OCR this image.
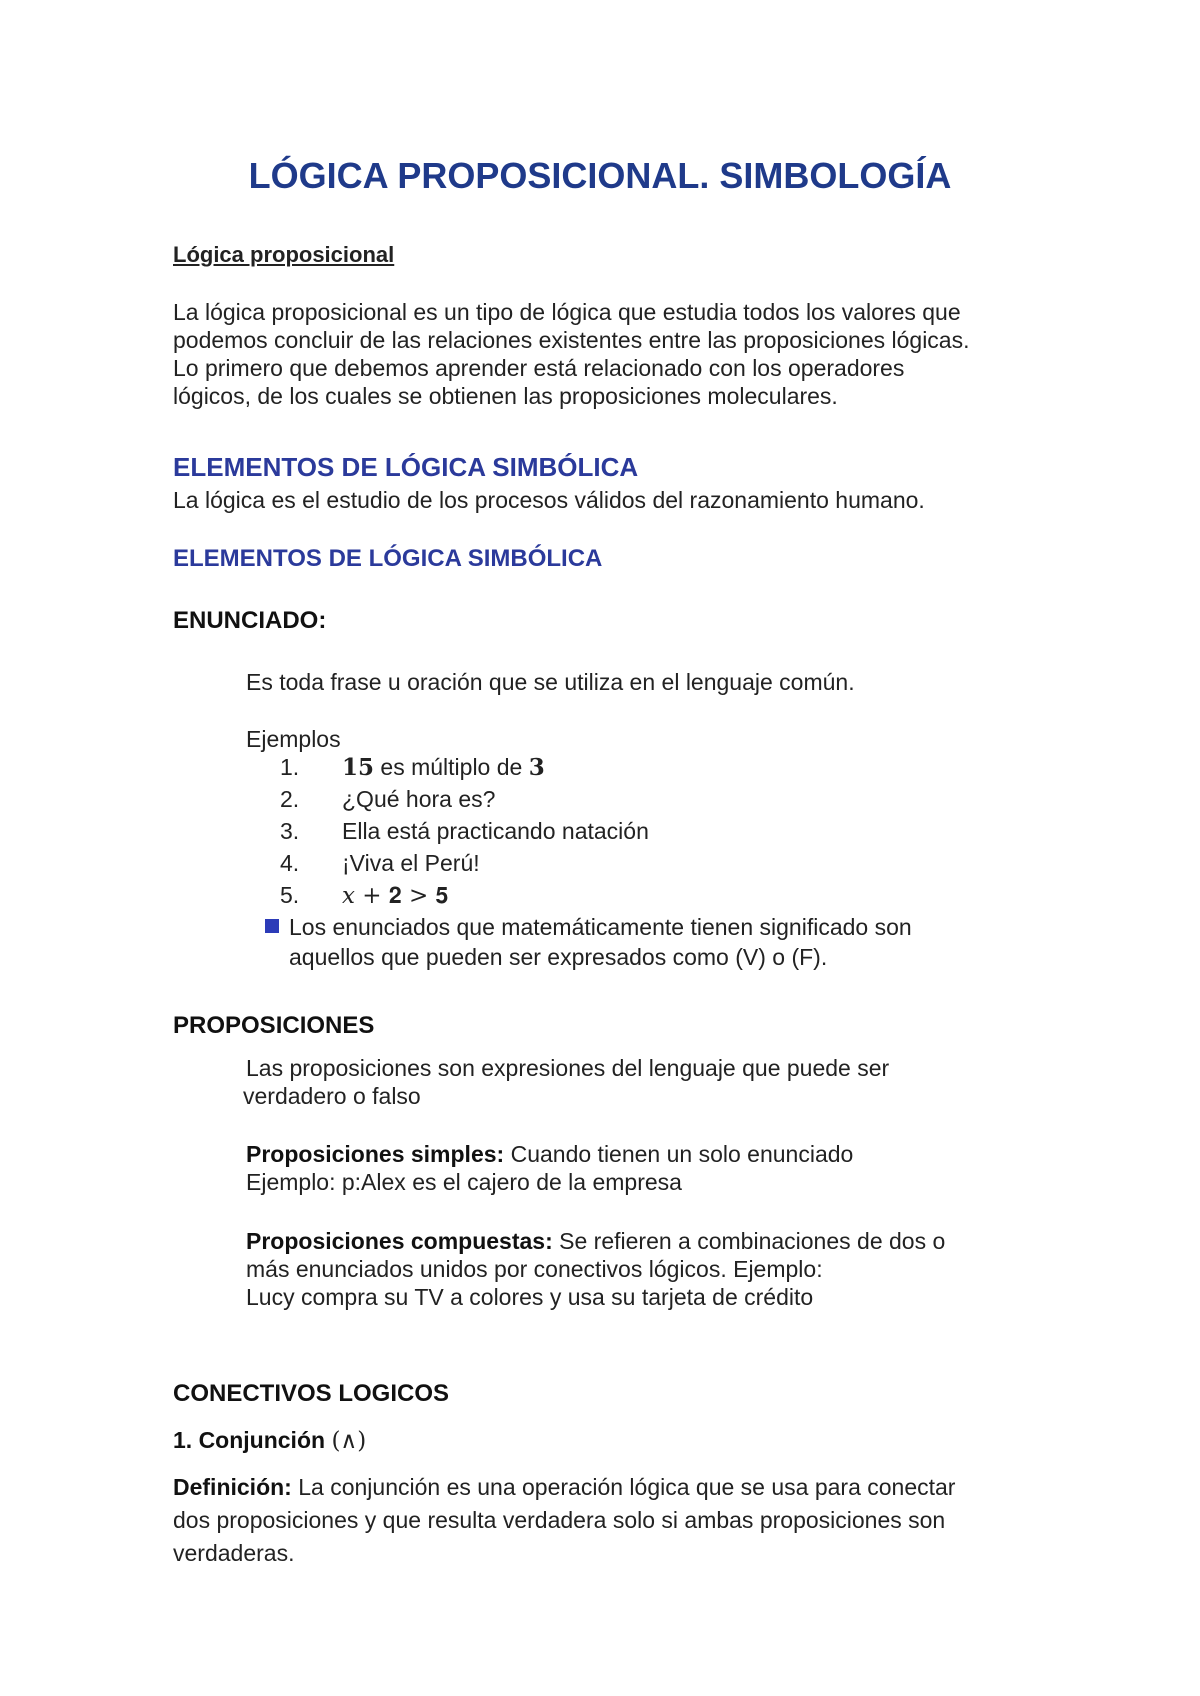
LÓGICA PROPOSICIONAL. SIMBOLOGÍA
Lógica proposicional
La lógica proposicional es un tipo de lógica que estudia todos los valores que
podemos concluir de las relaciones existentes entre las proposiciones lógicas.
Lo primero que debemos aprender está relacionado con los operadores
lógicos, de los cuales se obtienen las proposiciones moleculares.
ELEMENTOS DE LÓGICA SIMBÓLICA
La lógica es el estudio de los procesos válidos del razonamiento humano.
ELEMENTOS DE LÓGICA SIMBÓLICA
ENUNCIADO:
Es toda frase u oración que se utiliza en el lenguaje común.
Ejemplos
1. 15 es múltiplo de 3
2. ¿Qué hora es?
3. Ella está practicando natación
4. ¡Viva el Perú!
5. 𝑥 + 𝟐 > 𝟓
Los enunciados que matemáticamente tienen significado son
aquellos que pueden ser expresados como (V) o (F).
PROPOSICIONES
Las proposiciones son expresiones del lenguaje que puede ser
verdadero o falso
Proposiciones simples: Cuando tienen un solo enunciado
Ejemplo: p:Alex es el cajero de la empresa
Proposiciones compuestas: Se refieren a combinaciones de dos o
más enunciados unidos por conectivos lógicos. Ejemplo:
Lucy compra su TV a colores y usa su tarjeta de crédito
CONECTIVOS LOGICOS
1. Conjunción (∧)
Definición: La conjunción es una operación lógica que se usa para conectar
dos proposiciones y que resulta verdadera solo si ambas proposiciones son
verdaderas.
